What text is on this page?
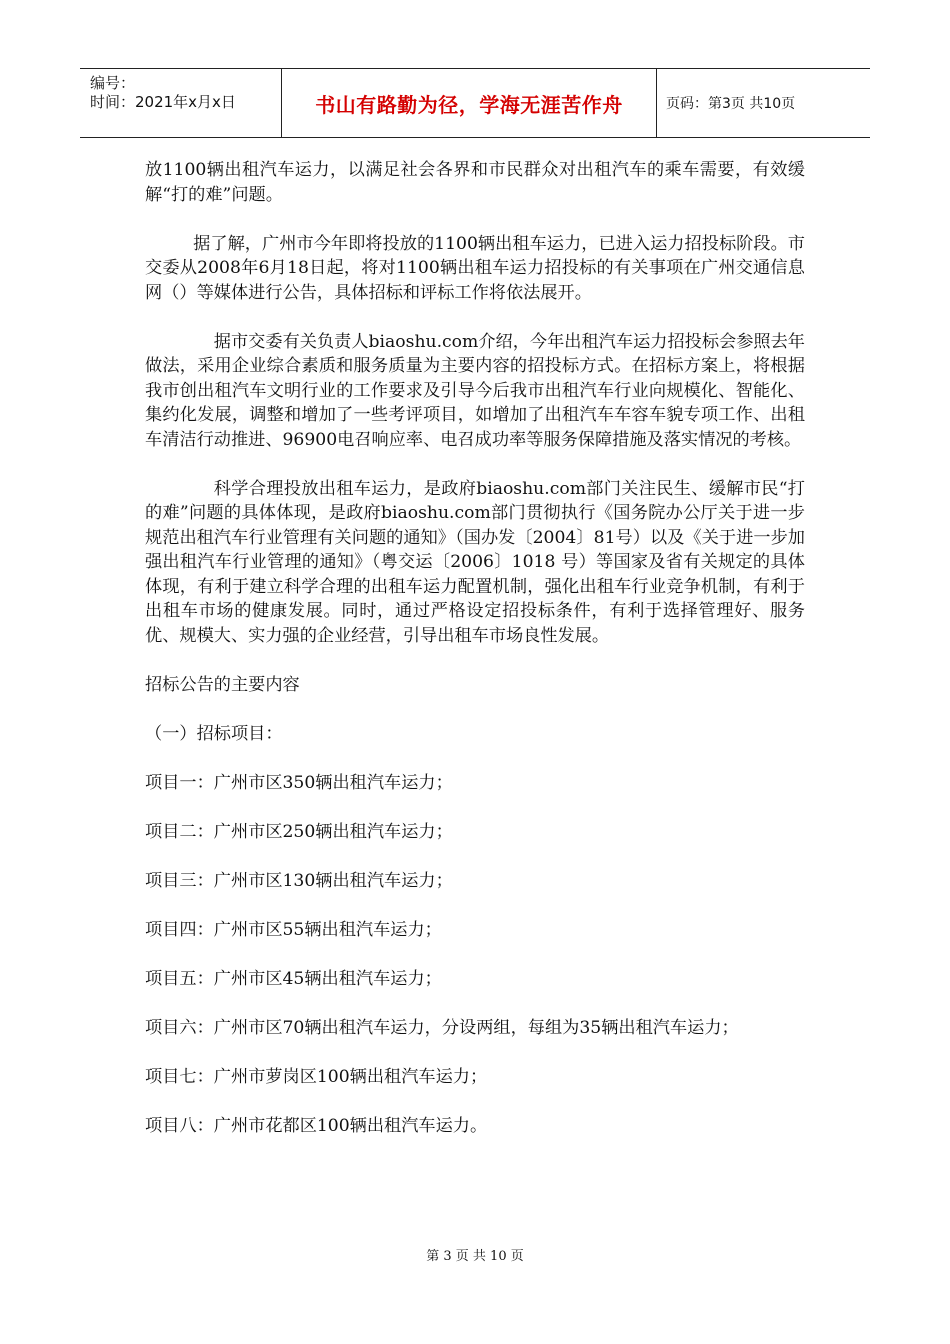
编号：
时间：2021年x月x日	书山有路勤为径，学海无涯苦作舟	页码：第3页 共10页

放1100辆出租汽车运力，以满足社会各界和市民群众对出租汽车的乘车需要，有效缓解“打的难”问题。

据了解，广州市今年即将投放的1100辆出租车运力，已进入运力招投标阶段。市交委从2008年6月18日起，将对1100辆出租车运力招投标的有关事项在广州交通信息网（）等媒体进行公告，具体招标和评标工作将依法展开。

据市交委有关负责人biaoshu.com介绍，今年出租汽车运力招投标会参照去年做法，采用企业综合素质和服务质量为主要内容的招投标方式。在招标方案上，将根据我市创出租汽车文明行业的工作要求及引导今后我市出租汽车行业向规模化、智能化、集约化发展，调整和增加了一些考评项目，如增加了出租汽车车容车貌专项工作、出租车清洁行动推进、96900电召响应率、电召成功率等服务保障措施及落实情况的考核。

科学合理投放出租车运力，是政府biaoshu.com部门关注民生、缓解市民“打的难”问题的具体体现，是政府biaoshu.com部门贯彻执行《国务院办公厅关于进一步规范出租汽车行业管理有关问题的通知》（国办发〔2004〕81号）以及《关于进一步加强出租汽车行业管理的通知》（粤交运〔2006〕1018 号）等国家及省有关规定的具体体现，有利于建立科学合理的出租车运力配置机制，强化出租车行业竞争机制，有利于出租车市场的健康发展。同时，通过严格设定招投标条件，有利于选择管理好、服务优、规模大、实力强的企业经营，引导出租车市场良性发展。

招标公告的主要内容

（一）招标项目：

项目一：广州市区350辆出租汽车运力；

项目二：广州市区250辆出租汽车运力；

项目三：广州市区130辆出租汽车运力；

项目四：广州市区55辆出租汽车运力；

项目五：广州市区45辆出租汽车运力；

项目六：广州市区70辆出租汽车运力，分设两组，每组为35辆出租汽车运力；

项目七：广州市萝岗区100辆出租汽车运力；

项目八：广州市花都区100辆出租汽车运力。

第 3 页 共 10 页
